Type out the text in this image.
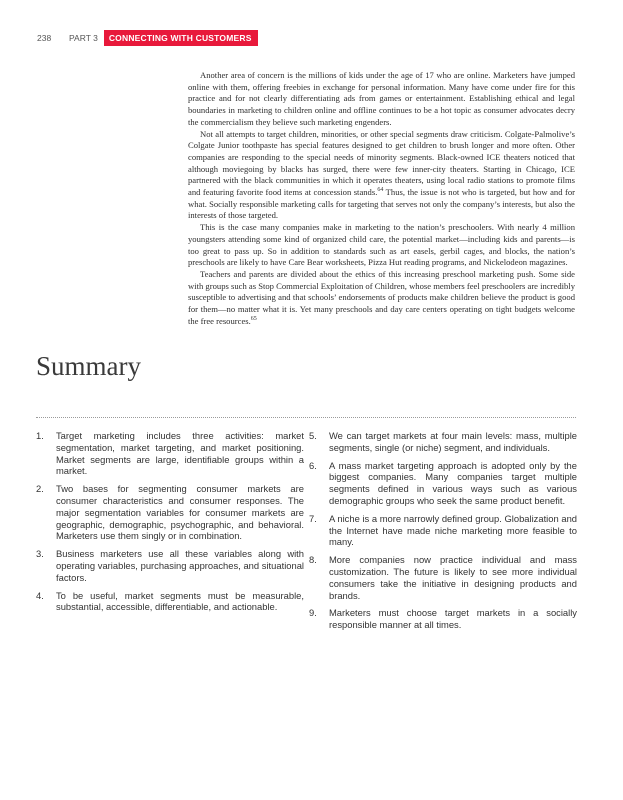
238	PART 3	CONNECTING WITH CUSTOMERS

Another area of concern is the millions of kids under the age of 17 who are online. Marketers have jumped online with them, offering freebies in exchange for personal information. Many have come under fire for this practice and for not clearly differentiating ads from games or entertainment. Establishing ethical and legal boundaries in marketing to children online and offline continues to be a hot topic as consumer advocates decry the commercialism they believe such marketing engenders.

Not all attempts to target children, minorities, or other special segments draw criticism. Colgate-Palmolive’s Colgate Junior toothpaste has special features designed to get children to brush longer and more often. Other companies are responding to the special needs of minority segments. Black-owned ICE theaters noticed that although moviegoing by blacks has surged, there were few inner-city theaters. Starting in Chicago, ICE partnered with the black communities in which it operates theaters, using local radio stations to promote films and featuring favorite food items at concession stands.$^{64}$ Thus, the issue is not who is targeted, but how and for what. Socially responsible marketing calls for targeting that serves not only the company’s interests, but also the interests of those targeted.

This is the case many companies make in marketing to the nation’s preschoolers. With nearly 4 million youngsters attending some kind of organized child care, the potential market—including kids and parents—is too great to pass up. So in addition to standards such as art easels, gerbil cages, and blocks, the nation’s preschools are likely to have Care Bear worksheets, Pizza Hut reading programs, and Nickelodeon magazines.

Teachers and parents are divided about the ethics of this increasing preschool marketing push. Some side with groups such as Stop Commercial Exploitation of Children, whose members feel preschoolers are incredibly susceptible to advertising and that schools’ endorsements of products make children believe the product is good for them—no matter what it is. Yet many preschools and day care centers operating on tight budgets welcome the free resources.$^{65}$

Summary
1.	Target marketing includes three activities: market segmentation, market targeting, and market positioning. Market segments are large, identifiable groups within a market.
2.	Two bases for segmenting consumer markets are consumer characteristics and consumer responses. The major segmentation variables for consumer markets are geographic, demographic, psychographic, and behavioral. Marketers use them singly or in combination.
3.	Business marketers use all these variables along with operating variables, purchasing approaches, and situational factors.
4.	To be useful, market segments must be measurable, substantial, accessible, differentiable, and actionable.
5.	We can target markets at four main levels: mass, multiple segments, single (or niche) segment, and individuals.
6.	A mass market targeting approach is adopted only by the biggest companies. Many companies target multiple segments defined in various ways such as various demographic groups who seek the same product benefit.
7.	A niche is a more narrowly defined group. Globalization and the Internet have made niche marketing more feasible to many.
8.	More companies now practice individual and mass customization. The future is likely to see more individual consumers take the initiative in designing products and brands.
9.	Marketers must choose target markets in a socially responsible manner at all times.
